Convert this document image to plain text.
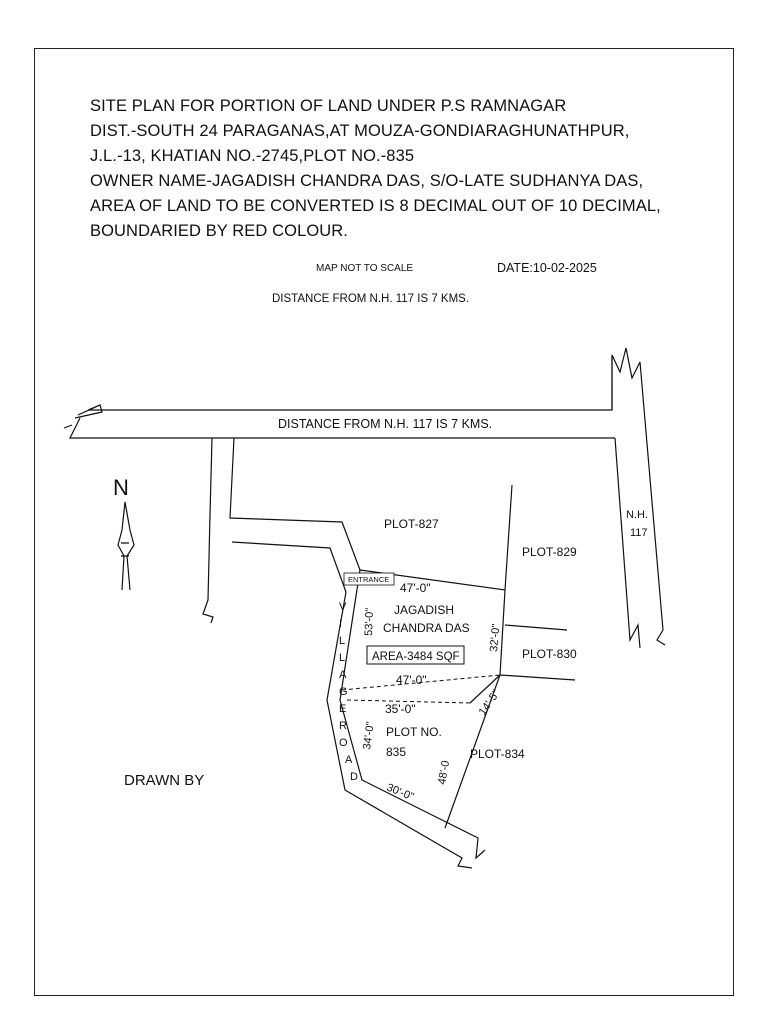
SITE PLAN FOR PORTION OF LAND UNDER P.S RAMNAGAR
DIST.-SOUTH 24 PARAGANAS,AT MOUZA-GONDIARAGHUNATHPUR,
J.L.-13, KHATIAN NO.-2745,PLOT NO.-835
OWNER NAME-JAGADISH CHANDRA DAS, S/O-LATE SUDHANYA DAS,
AREA OF LAND TO BE CONVERTED IS 8 DECIMAL OUT OF 10 DECIMAL,
BOUNDARIED BY RED COLOUR.
MAP NOT TO SCALE	DATE:10-02-2025
DISTANCE FROM N.H. 117 IS 7 KMS.
DRAWN BY
DISTANCE FROM N.H. 117 IS 7 KMS.
N
N.H.
117
PLOT-827
PLOT-829
PLOT-830
PLOT-834
ENTRANCE
JAGADISH
CHANDRA DAS
AREA-3484 SQF
47'-0"
53'-0"
32'-0"
47'-0"
35'-0"
34'-0"
48'-0
30'-0"
14'-5"
PLOT NO.
835
V
I
L
L
A
G
E
R
O
A
D
